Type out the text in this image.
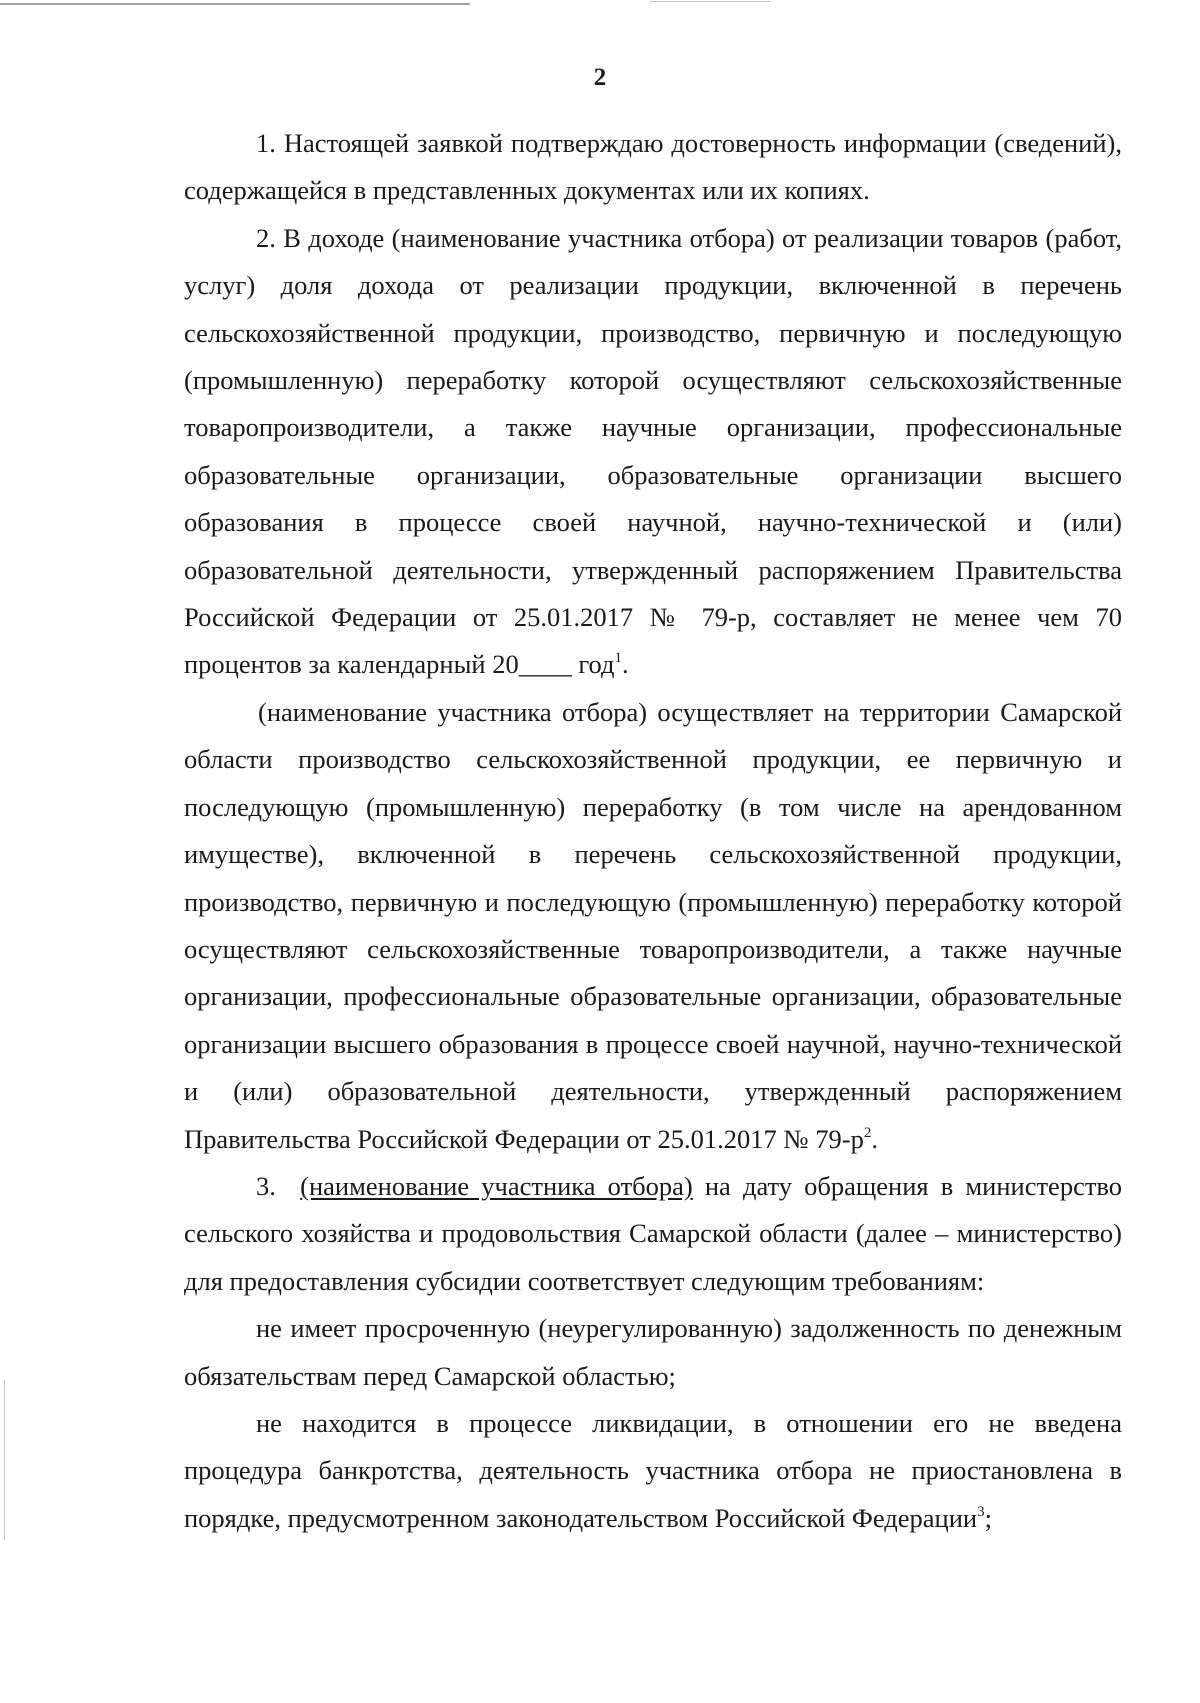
2

1. Настоящей заявкой подтверждаю достоверность информации (сведений), содержащейся в представленных документах или их копиях.

2. В доходе (наименование участника отбора) от реализации товаров (работ, услуг) доля дохода от реализации продукции, включенной в перечень сельскохозяйственной продукции, производство, первичную и последующую (промышленную) переработку которой осуществляют сельскохозяйственные товаропроизводители, а также научные организации, профессиональные образовательные организации, образовательные организации высшего образования в процессе своей научной, научно-технической и (или) образовательной деятельности, утвержденный распоряжением Правительства Российской Федерации от 25.01.2017 № 79-р, составляет не менее чем 70 процентов за календарный 20____ год$^1$.

(наименование участника отбора) осуществляет на территории Самарской области производство сельскохозяйственной продукции, ее первичную и последующую (промышленную) переработку (в том числе на арендованном имуществе), включенной в перечень сельскохозяйственной продукции, производство, первичную и последующую (промышленную) переработку которой осуществляют сельскохозяйственные товаропроизводители, а также научные организации, профессиональные образовательные организации, образовательные организации высшего образования в процессе своей научной, научно-технической и (или) образовательной деятельности, утвержденный распоряжением Правительства Российской Федерации от 25.01.2017 № $79-р^2$.

3. (наименование участника отбора) на дату обращения в министерство сельского хозяйства и продовольствия Самарской области (далее – министерство) для предоставления субсидии соответствует следующим требованиям:

не имеет просроченную (неурегулированную) задолженность по денежным обязательствам перед Самарской областью;

не находится в процессе ликвидации, в отношении его не введена процедура банкротства, деятельность участника отбора не приостановлена в порядке, предусмотренном законодательством Российской Федерации$^3$;
